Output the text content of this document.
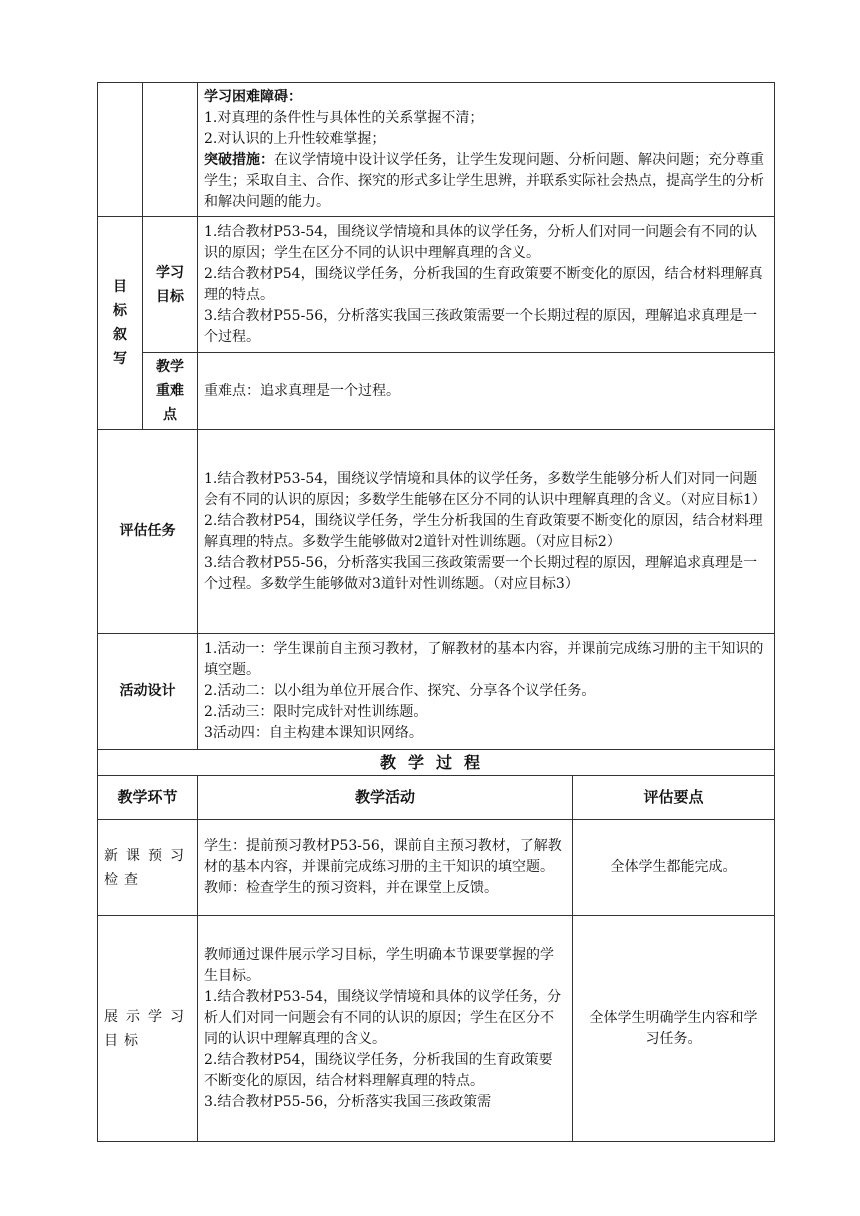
		学习困难障碍：
1.对真理的条件性与具体性的关系掌握不清；
2.对认识的上升性较难掌握；
突破措施：在议学情境中设计议学任务，让学生发现问题、分析问题、解决问题；充分尊重学生；采取自主、合作、探究的形式多让学生思辨，并联系实际社会热点，提高学生的分析和解决问题的能力。	

目标叙写	学习目标	1.结合教材P53-54，围绕议学情境和具体的议学任务，分析人们对同一问题会有不同的认识的原因；学生在区分不同的认识中理解真理的含义。
2.结合教材P54，围绕议学任务，分析我国的生育政策要不断变化的原因，结合材料理解真理的特点。
3.结合教材P55-56，分析落实我国三孩政策需要一个长期过程的原因，理解追求真理是一个过程。	

	教学重难点	重难点：追求真理是一个过程。	
评估任务		1.结合教材P53-54，围绕议学情境和具体的议学任务，多数学生能够分析人们对同一问题会有不同的认识的原因；多数学生能够在区分不同的认识中理解真理的含义。（对应目标1）
2.结合教材P54，围绕议学任务，学生分析我国的生育政策要不断变化的原因，结合材料理解真理的特点。多数学生能够做对2道针对性训练题。（对应目标2）
3.结合教材P55-56，分析落实我国三孩政策需要一个长期过程的原因，理解追求真理是一个过程。多数学生能够做对3道针对性训练题。（对应目标3）	

活动设计		1.活动一：学生课前自主预习教材，了解教材的基本内容，并课前完成练习册的主干知识的填空题。
2.活动二：以小组为单位开展合作、探究、分享各个议学任务。
2.活动三：限时完成针对性训练题。
3活动四：自主构建本课知识网络。	

教学过程			
教学环节		教学活动	评估要点
新课预习检查		学生：提前预习教材P53-56，课前自主预习教材，了解教材的基本内容，并课前完成练习册的主干知识的填空题。
教师：检查学生的预习资料，并在课堂上反馈。	全体学生都能完成。
展示学习目标		教师通过课件展示学习目标，学生明确本节课要掌握的学生目标。
1.结合教材P53-54，围绕议学情境和具体的议学任务，分析人们对同一问题会有不同的认识的原因；学生在区分不同的认识中理解真理的含义。
2.结合教材P54，围绕议学任务，分析我国的生育政策要不断变化的原因，结合材料理解真理的特点。
3.结合教材P55-56，分析落实我国三孩政策需	全体学生明确学生内容和学习任务。
